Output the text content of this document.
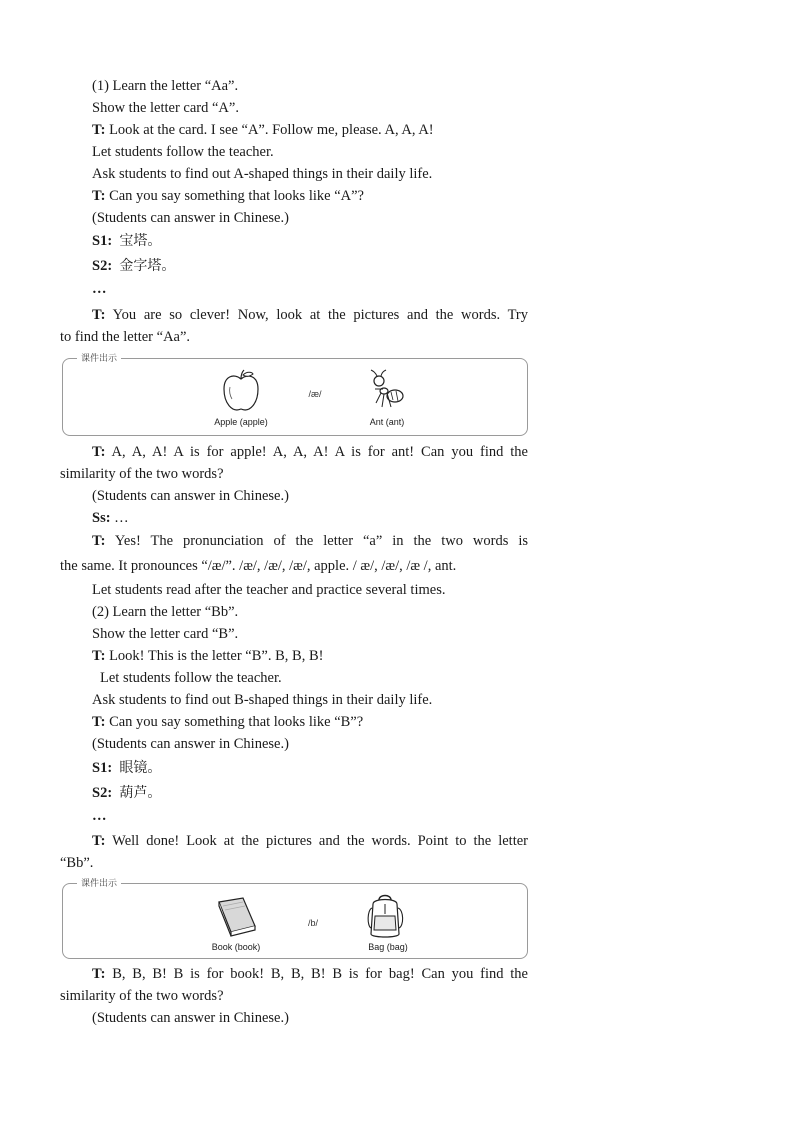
(1) Learn the letter “Aa”.
Show the letter card “A”.
T: Look at the card. I see “A”. Follow me, please. A, A, A!
Let students follow the teacher.
Ask students to find out A-shaped things in their daily life.
T: Can you say something that looks like “A”?
(Students can answer in Chinese.)
S1: 宝塔。
S2: 金字塔。
…
T: You are so clever! Now, look at the pictures and the words. Try
to find the letter “Aa”.
课件出示
/æ/
Apple (apple)	Ant (ant)
T: A, A, A! A is for apple! A, A, A! A is for ant! Can you find the
similarity of the two words?
(Students can answer in Chinese.)
Ss: …
T: Yes! The pronunciation of the letter “a” in the two words is
the same. It pronounces “/æ/”. /æ/, /æ/, /æ/, apple. / æ/, /æ/, /æ /, ant.
Let students read after the teacher and practice several times.
(2) Learn the letter “Bb”.
Show the letter card “B”.
T: Look! This is the letter “B”. B, B, B!
Let students follow the teacher.
Ask students to find out B-shaped things in their daily life.
T: Can you say something that looks like “B”?
(Students can answer in Chinese.)
S1: 眼镜。
S2: 葫芦。
…
T: Well done! Look at the pictures and the words. Point to the letter
“Bb”.
课件出示
/b/
Book (book)	Bag (bag)
T: B, B, B! B is for book! B, B, B! B is for bag! Can you find the
similarity of the two words?
(Students can answer in Chinese.)
